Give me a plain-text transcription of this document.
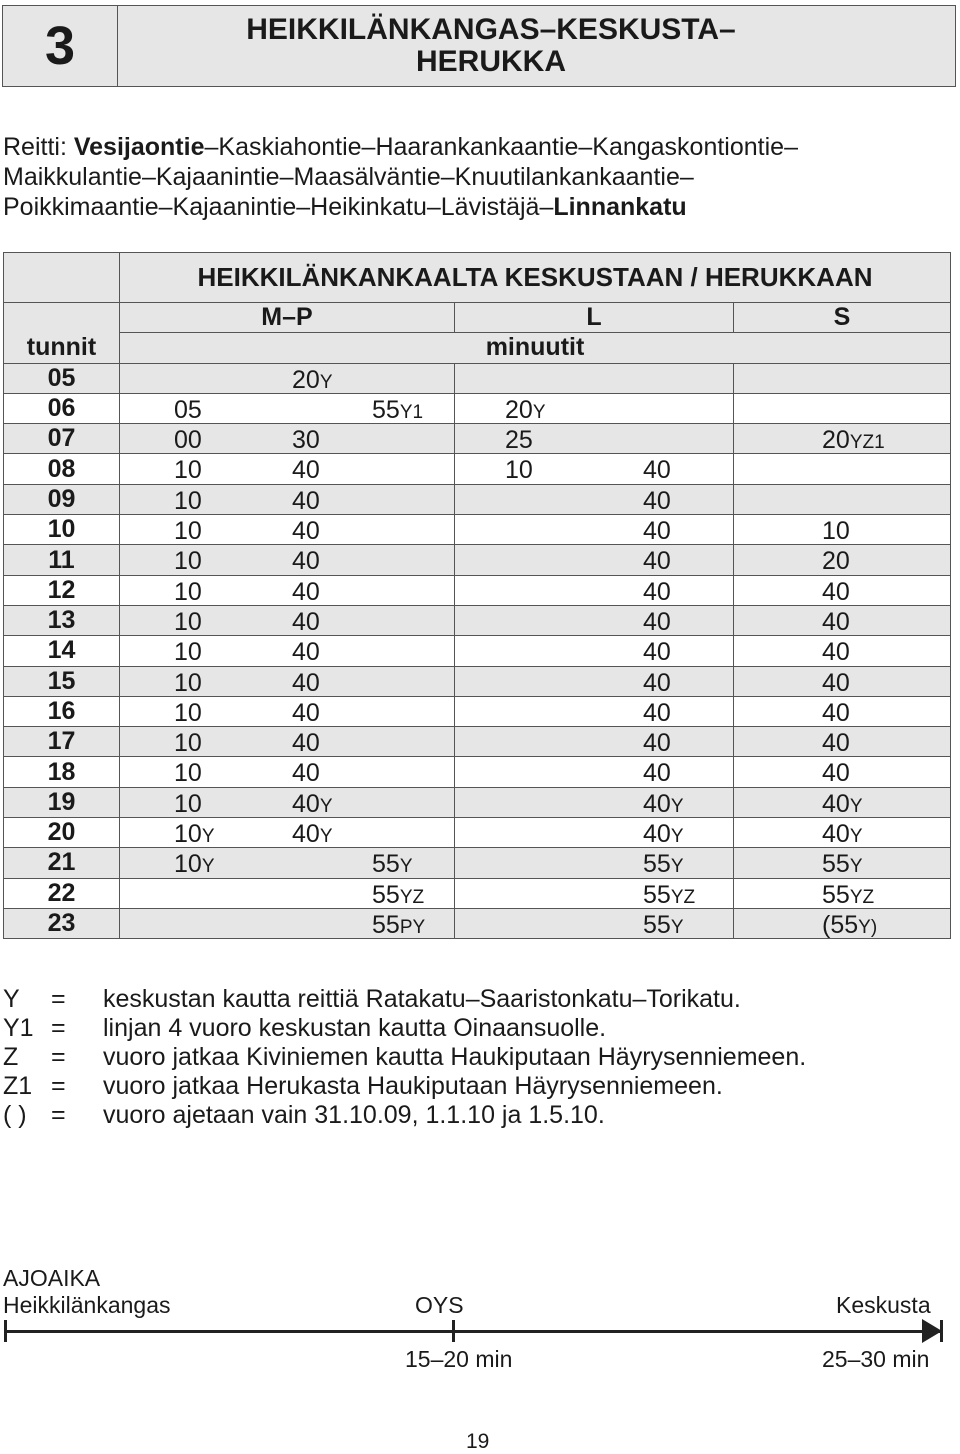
3	HEIKKILÄNKANGAS–KESKUSTA–
HERUKKA
Reitti: Vesijaontie–Kaskiahontie–Haarankankaantie–Kangaskontiontie–
Maikkulantie–Kajaanintie–Maasälväntie–Knuutilankankaantie–
Poikkimaantie–Kajaanintie–Heikinkatu–Lävistäjä–Linnankatu
	HEIKKILÄNKANKAALTA KESKUSTAAN / HERUKKAAN		
	M–P	L	S
tunnit	minuutit		
05	20Y		

06	05 55Y1	20Y	

07	00 30	25	20YZ1

08	10 40	10 40	

09	10 40	40	

10	10 40	40	10

11	10 40	40	20

12	10 40	40	40

13	10 40	40	40

14	10 40	40	40

15	10 40	40	40

16	10 40	40	40

17	10 40	40	40

18	10 40	40	40

19	10 40Y	40Y	40Y

20	10Y 40Y	40Y	40Y

21	10Y 55Y	55Y	55Y

22	55YZ	55YZ	55YZ

23	55PY	55Y	(55Y)
Y	=	keskustan kautta reittiä Ratakatu–Saaristonkatu–Torikatu.
Y1 =	linjan 4 vuoro keskustan kautta Oinaansuolle.
Z	=	vuoro jatkaa Kiviniemen kautta Haukiputaan Häyrysenniemeen.
Z1 =	vuoro jatkaa Herukasta Haukiputaan Häyrysenniemeen.
( ) =	vuoro ajetaan vain 31.10.09, 1.1.10 ja 1.5.10.
AJOAIKA
Heikkilänkangas	OYS	Keskusta
15–20 min	25–30 min
19
